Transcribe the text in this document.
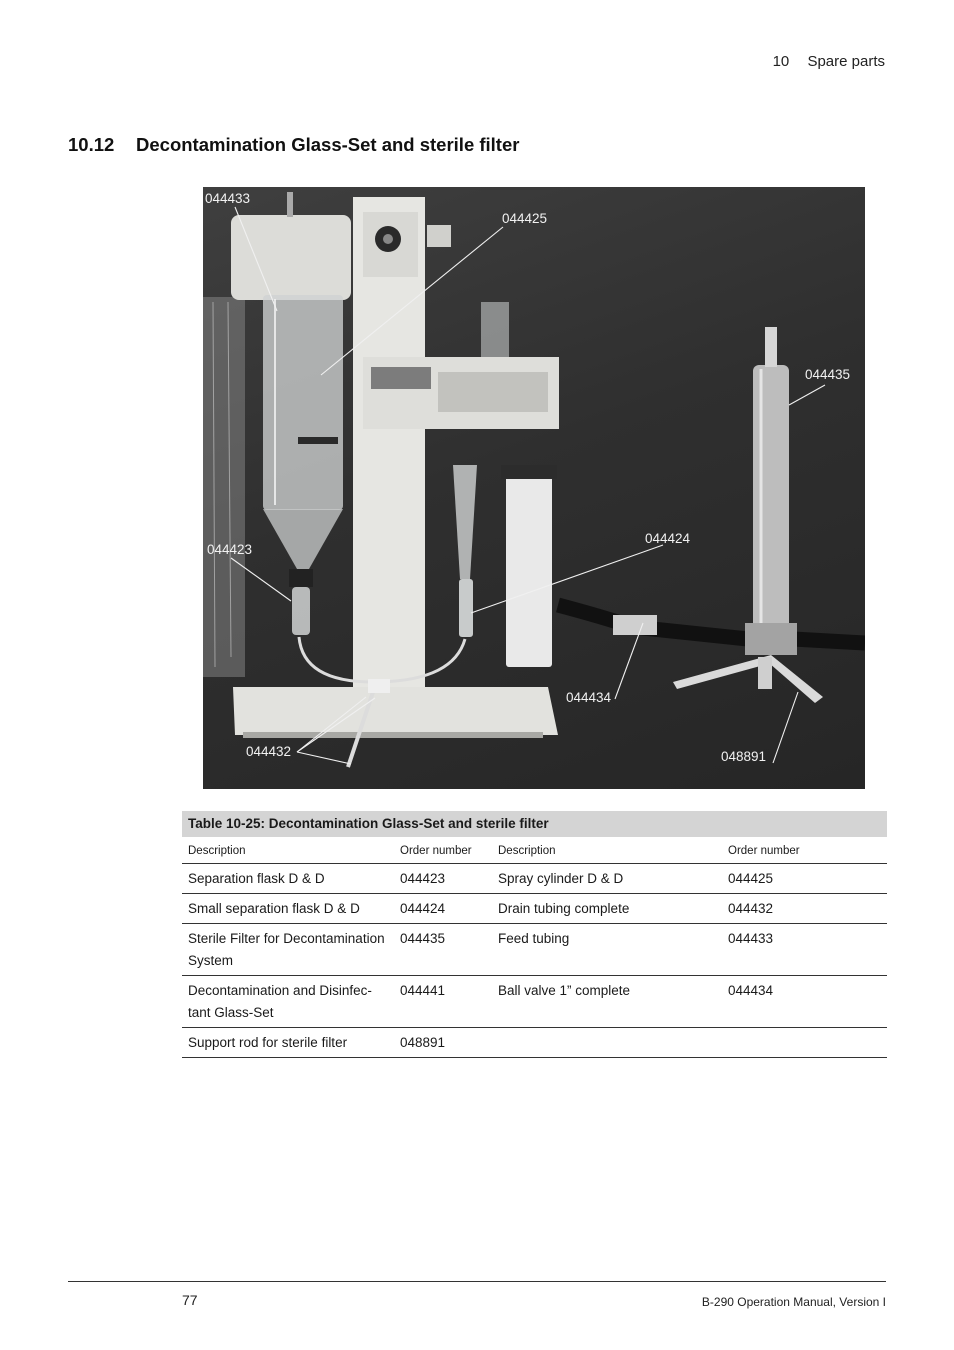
10 Spare parts
10.12 Decontamination Glass-Set and sterile filter
044433
044425
044435
044423
044424
044434
044432	048891
Table 10-25: Decontamination Glass-Set and sterile filter
Description	Order number	Description	Order number
Separation flask D & D	044423	Spray cylinder D & D	044425
Small separation flask D & D	044424	Drain tubing complete	044432
Sterile Filter for Decontamination System	044435	Feed tubing	044433
Decontamination and Disinfec-tant Glass-Set	044441	Ball valve 1” complete	044434
Support rod for sterile filter	048891		
77	B-290 Operation Manual, Version I
